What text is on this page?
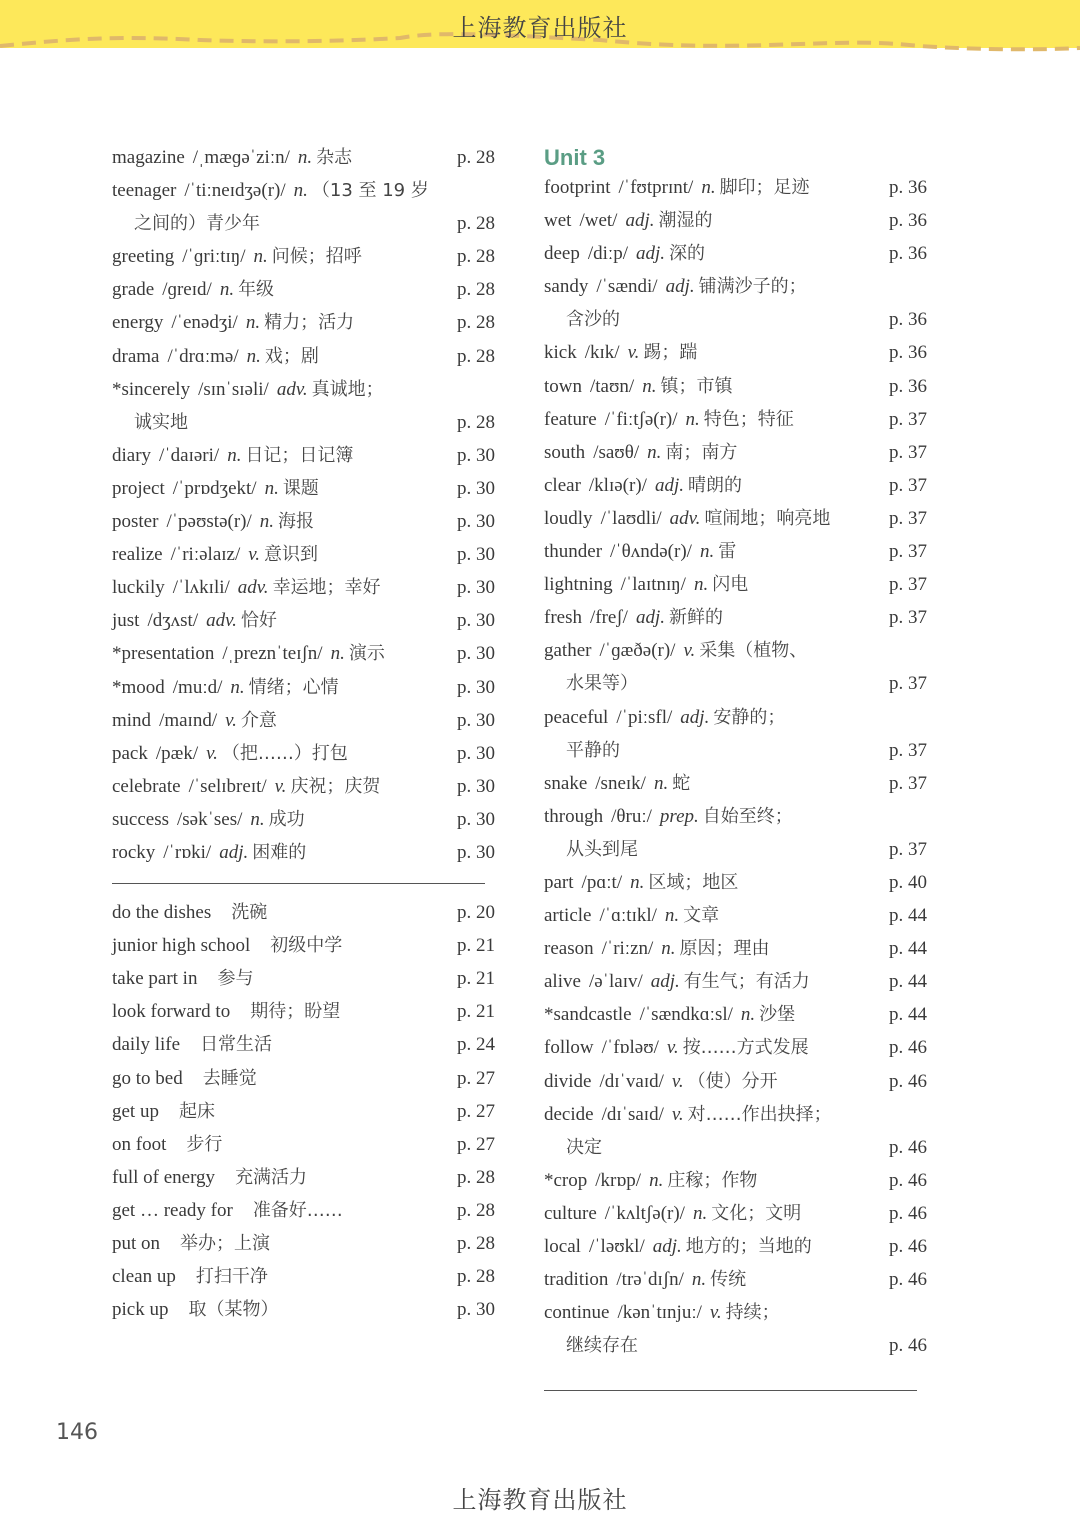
上海教育出版社
magazine /ˌmæɡəˈziːn/ n. 杂志	p. 28
teenager /ˈtiːneɪdʒə(r)/ n. （13 至 19 岁
之间的）青少年	p. 28
greeting /ˈɡriːtɪŋ/ n. 问候；招呼	p. 28
grade /ɡreɪd/ n. 年级	p. 28
energy /ˈenədʒi/ n. 精力；活力	p. 28
drama /ˈdrɑːmə/ n. 戏；剧	p. 28
*sincerely /sɪnˈsɪəli/ adv. 真诚地；
诚实地	p. 28
diary /ˈdaɪəri/ n. 日记；日记簿	p. 30
project /ˈprɒdʒekt/ n. 课题	p. 30
poster /ˈpəʊstə(r)/ n. 海报	p. 30
realize /ˈriːəlaɪz/ v. 意识到	p. 30
luckily /ˈlʌkɪli/ adv. 幸运地；幸好	p. 30
just /dʒʌst/ adv. 恰好	p. 30
*presentation /ˌpreznˈteɪʃn/ n. 演示	p. 30
*mood /muːd/ n. 情绪；心情	p. 30
mind /maɪnd/ v. 介意	p. 30
pack /pæk/ v. （把……）打包	p. 30
celebrate /ˈselɪbreɪt/ v. 庆祝；庆贺	p. 30
success /səkˈses/ n. 成功	p. 30
rocky /ˈrɒki/ adj. 困难的	p. 30
do the dishes 洗碗	p. 20
junior high school 初级中学	p. 21
take part in 参与	p. 21
look forward to 期待；盼望	p. 21
daily life 日常生活	p. 24
go to bed 去睡觉	p. 27
get up 起床	p. 27
on foot 步行	p. 27
full of energy 充满活力	p. 28
get … ready for 准备好……	p. 28
put on 举办；上演	p. 28
clean up 打扫干净	p. 28
pick up 取（某物）	p. 30
Unit 3
footprint /ˈfʊtprɪnt/ n. 脚印；足迹	p. 36
wet /wet/ adj. 潮湿的	p. 36
deep /diːp/ adj. 深的	p. 36
sandy /ˈsændi/ adj. 铺满沙子的；
含沙的	p. 36
kick /kɪk/ v. 踢；踹	p. 36
town /taʊn/ n. 镇；市镇	p. 36
feature /ˈfiːtʃə(r)/ n. 特色；特征	p. 37
south /saʊθ/ n. 南；南方	p. 37
clear /klɪə(r)/ adj. 晴朗的	p. 37
loudly /ˈlaʊdli/ adv. 喧闹地；响亮地	p. 37
thunder /ˈθʌndə(r)/ n. 雷	p. 37
lightning /ˈlaɪtnɪŋ/ n. 闪电	p. 37
fresh /freʃ/ adj. 新鲜的	p. 37
gather /ˈɡæðə(r)/ v. 采集（植物、
水果等）	p. 37
peaceful /ˈpiːsfl/ adj. 安静的；
平静的	p. 37
snake /sneɪk/ n. 蛇	p. 37
through /θruː/ prep. 自始至终；
从头到尾	p. 37
part /pɑːt/ n. 区域；地区	p. 40
article /ˈɑːtɪkl/ n. 文章	p. 44
reason /ˈriːzn/ n. 原因；理由	p. 44
alive /əˈlaɪv/ adj. 有生气；有活力	p. 44
*sandcastle /ˈsændkɑːsl/ n. 沙堡	p. 44
follow /ˈfɒləʊ/ v. 按……方式发展	p. 46
divide /dɪˈvaɪd/ v. （使）分开	p. 46
decide /dɪˈsaɪd/ v. 对……作出抉择；
决定	p. 46
*crop /krɒp/ n. 庄稼；作物	p. 46
culture /ˈkʌltʃə(r)/ n. 文化；文明	p. 46
local /ˈləʊkl/ adj. 地方的；当地的	p. 46
tradition /trəˈdɪʃn/ n. 传统	p. 46
continue /kənˈtɪnjuː/ v. 持续；
继续存在	p. 46
146
上海教育出版社
